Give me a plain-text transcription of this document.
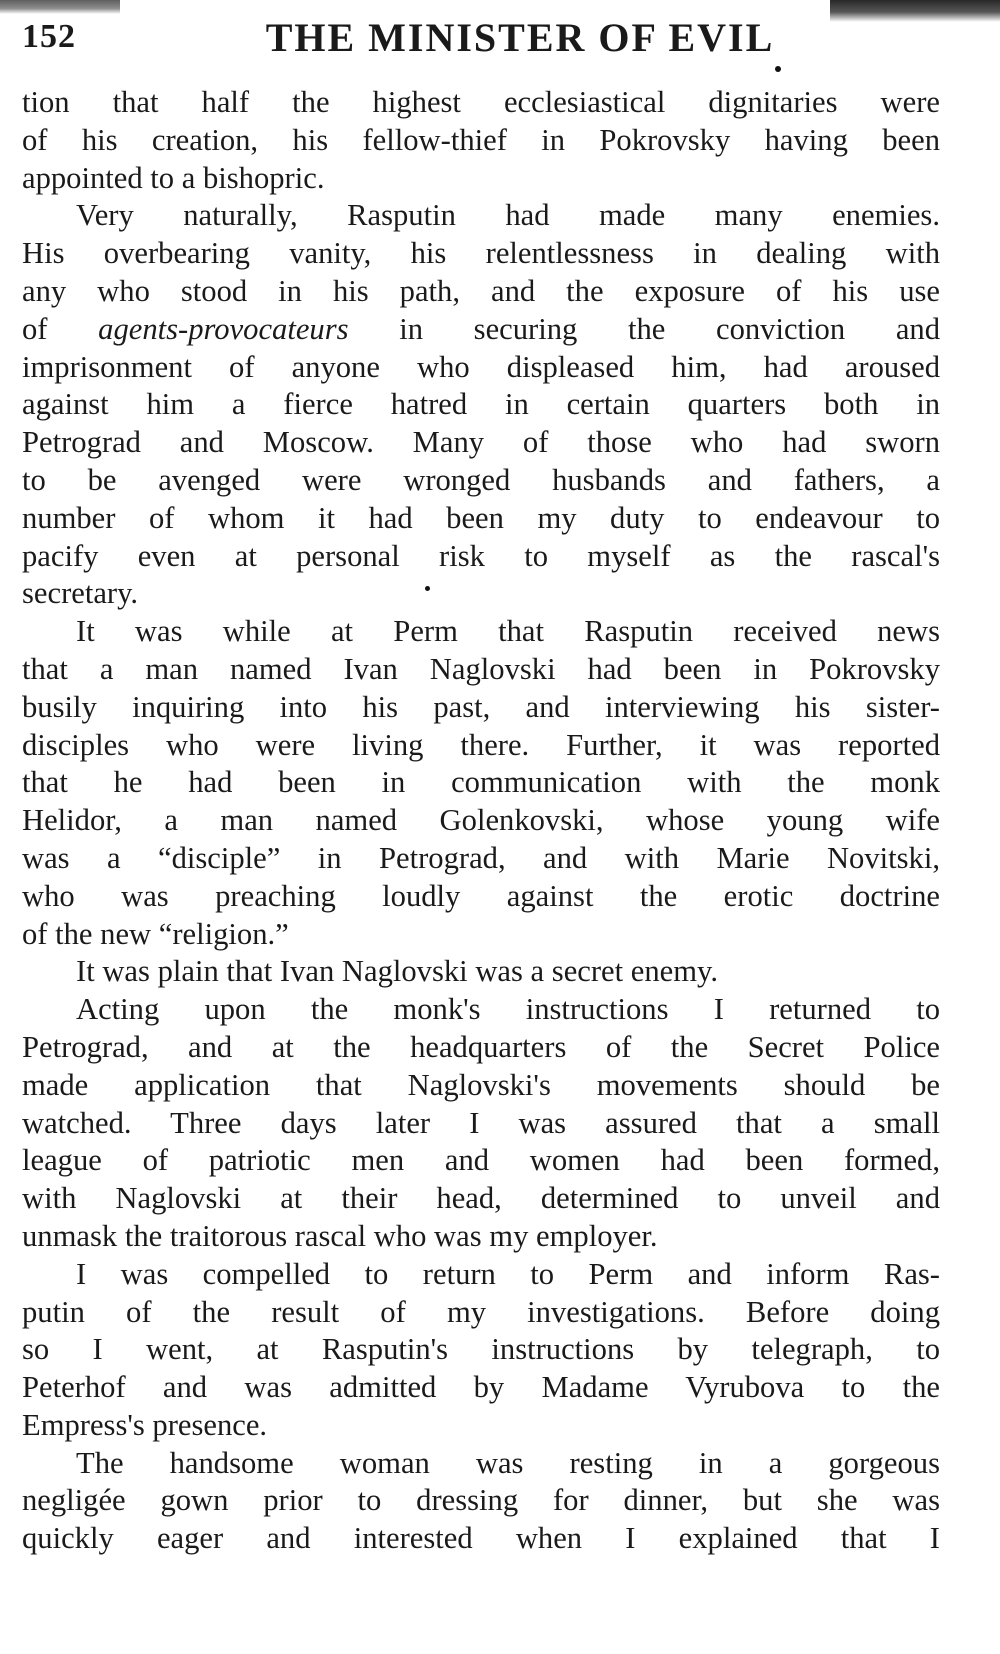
THE MINISTER OF EVIL
152
tion that half the highest ecclesiastical dignitaries were
of his creation, his fellow-thief in Pokrovsky having been
appointed to a bishopric.
Very naturally, Rasputin had made many enemies.
His overbearing vanity, his relentlessness in dealing with
any who stood in his path, and the exposure of his use
of agents-provocateurs in securing the conviction and
imprisonment of anyone who displeased him, had aroused
against him a fierce hatred in certain quarters both in
Petrograd and Moscow. Many of those who had sworn
to be avenged were wronged husbands and fathers, a
number of whom it had been my duty to endeavour to
pacify even at personal risk to myself as the rascal's
secretary.
It was while at Perm that Rasputin received news
that a man named Ivan Naglovski had been in Pokrovsky
busily inquiring into his past, and interviewing his sister-
disciples who were living there. Further, it was reported
that he had been in communication with the monk
Helidor, a man named Golenkovski, whose young wife
was a “disciple” in Petrograd, and with Marie Novitski,
who was preaching loudly against the erotic doctrine
of the new “religion.”
It was plain that Ivan Naglovski was a secret enemy.
Acting upon the monk's instructions I returned to
Petrograd, and at the headquarters of the Secret Police
made application that Naglovski's movements should be
watched. Three days later I was assured that a small
league of patriotic men and women had been formed,
with Naglovski at their head, determined to unveil and
unmask the traitorous rascal who was my employer.
I was compelled to return to Perm and inform Ras-
putin of the result of my investigations. Before doing
so I went, at Rasputin's instructions by telegraph, to
Peterhof and was admitted by Madame Vyrubova to the
Empress's presence.
The handsome woman was resting in a gorgeous
negligée gown prior to dressing for dinner, but she was
quickly eager and interested when I explained that I
